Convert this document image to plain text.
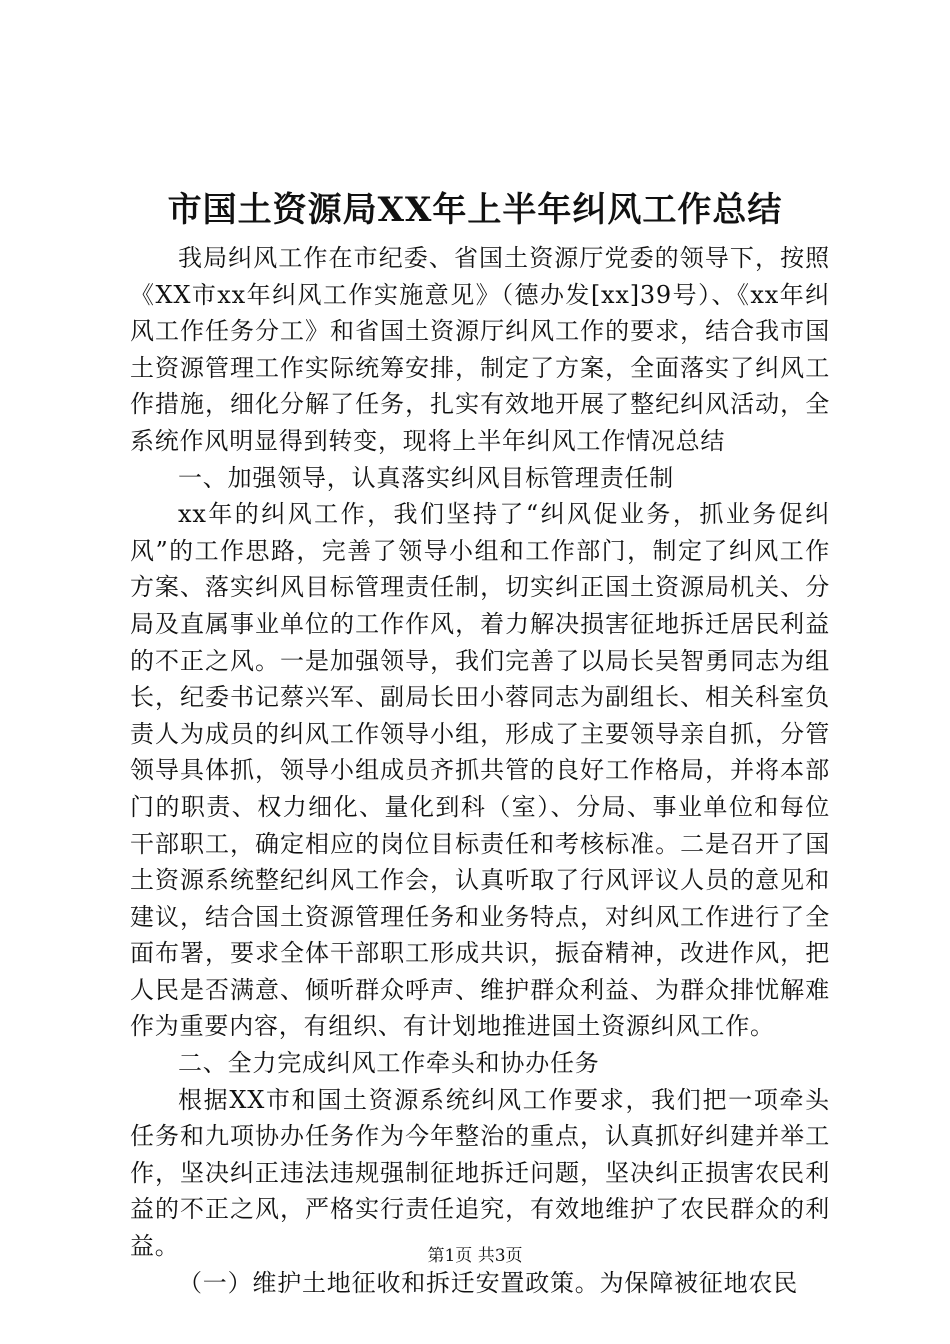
市国土资源局XX年上半年纠风工作总结

我局纠风工作在市纪委、省国土资源厅党委的领导下，按照《XX市xx年纠风工作实施意见》（德办发[xx]39号）、《xx年纠风工作任务分工》和省国土资源厅纠风工作的要求，结合我市国土资源管理工作实际统筹安排，制定了方案，全面落实了纠风工作措施，细化分解了任务，扎实有效地开展了整纪纠风活动，全系统作风明显得到转变，现将上半年纠风工作情况总结

一、加强领导，认真落实纠风目标管理责任制

xx年的纠风工作，我们坚持了“纠风促业务，抓业务促纠风”的工作思路，完善了领导小组和工作部门，制定了纠风工作方案、落实纠风目标管理责任制，切实纠正国土资源局机关、分局及直属事业单位的工作作风，着力解决损害征地拆迁居民利益的不正之风。一是加强领导，我们完善了以局长吴智勇同志为组长，纪委书记蔡兴军、副局长田小蓉同志为副组长、相关科室负责人为成员的纠风工作领导小组，形成了主要领导亲自抓，分管领导具体抓，领导小组成员齐抓共管的良好工作格局，并将本部门的职责、权力细化、量化到科（室）、分局、事业单位和每位干部职工，确定相应的岗位目标责任和考核标准。二是召开了国土资源系统整纪纠风工作会，认真听取了行风评议人员的意见和建议，结合国土资源管理任务和业务特点，对纠风工作进行了全面布署，要求全体干部职工形成共识，振奋精神，改进作风，把人民是否满意、倾听群众呼声、维护群众利益、为群众排忧解难作为重要内容，有组织、有计划地推进国土资源纠风工作。

二、全力完成纠风工作牵头和协办任务

根据XX市和国土资源系统纠风工作要求，我们把一项牵头任务和九项协办任务作为今年整治的重点，认真抓好纠建并举工作，坚决纠正违法违规强制征地拆迁问题，坚决纠正损害农民利益的不正之风，严格实行责任追究，有效地维护了农民群众的利益。

（一）维护土地征收和拆迁安置政策。为保障被征地农民

第1页 共3页
